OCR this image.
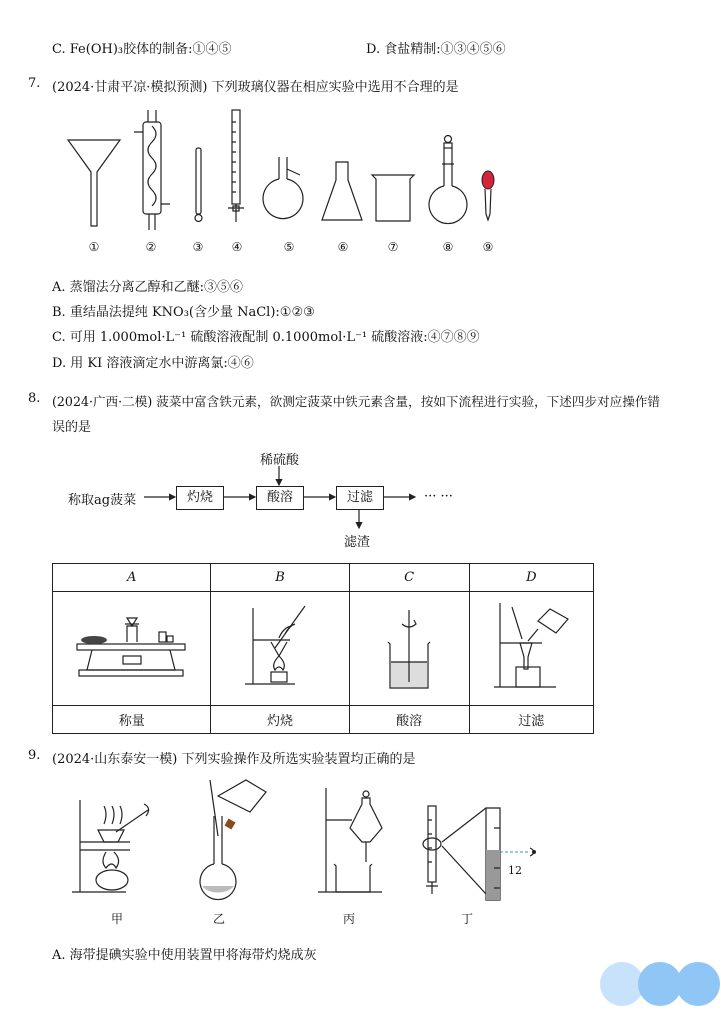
C. Fe(OH)₃胶体的制备:①④⑤	D. 食盐精制:①③④⑤⑥
7. (2024·甘肃平凉·模拟预测) 下列玻璃仪器在相应实验中选用不合理的是
①	②	③	④	⑤	⑥	⑦	⑧	⑨
A. 蒸馏法分离乙醇和乙醚:③⑤⑥
B. 重结晶法提纯 KNO₃(含少量 NaCl):①②③
C. 可用 1.000mol·L⁻¹ 硫酸溶液配制 0.1000mol·L⁻¹ 硫酸溶液:④⑦⑧⑨
D. 用 KI 溶液滴定水中游离氯:④⑥
8. (2024·广西·二模) 菠菜中富含铁元素，欲测定菠菜中铁元素含量，按如下流程进行实验，下述四步对应操作错
误的是
称取ag菠菜	灼烧	酸溶	过滤
稀硫酸
滤渣
··· ···
A	B	C	D

称量	灼烧	酸溶	过滤
9. (2024·山东泰安一模) 下列实验操作及所选实验装置均正确的是
12
甲	乙	丙	丁
A. 海带提碘实验中使用装置甲将海带灼烧成灰
